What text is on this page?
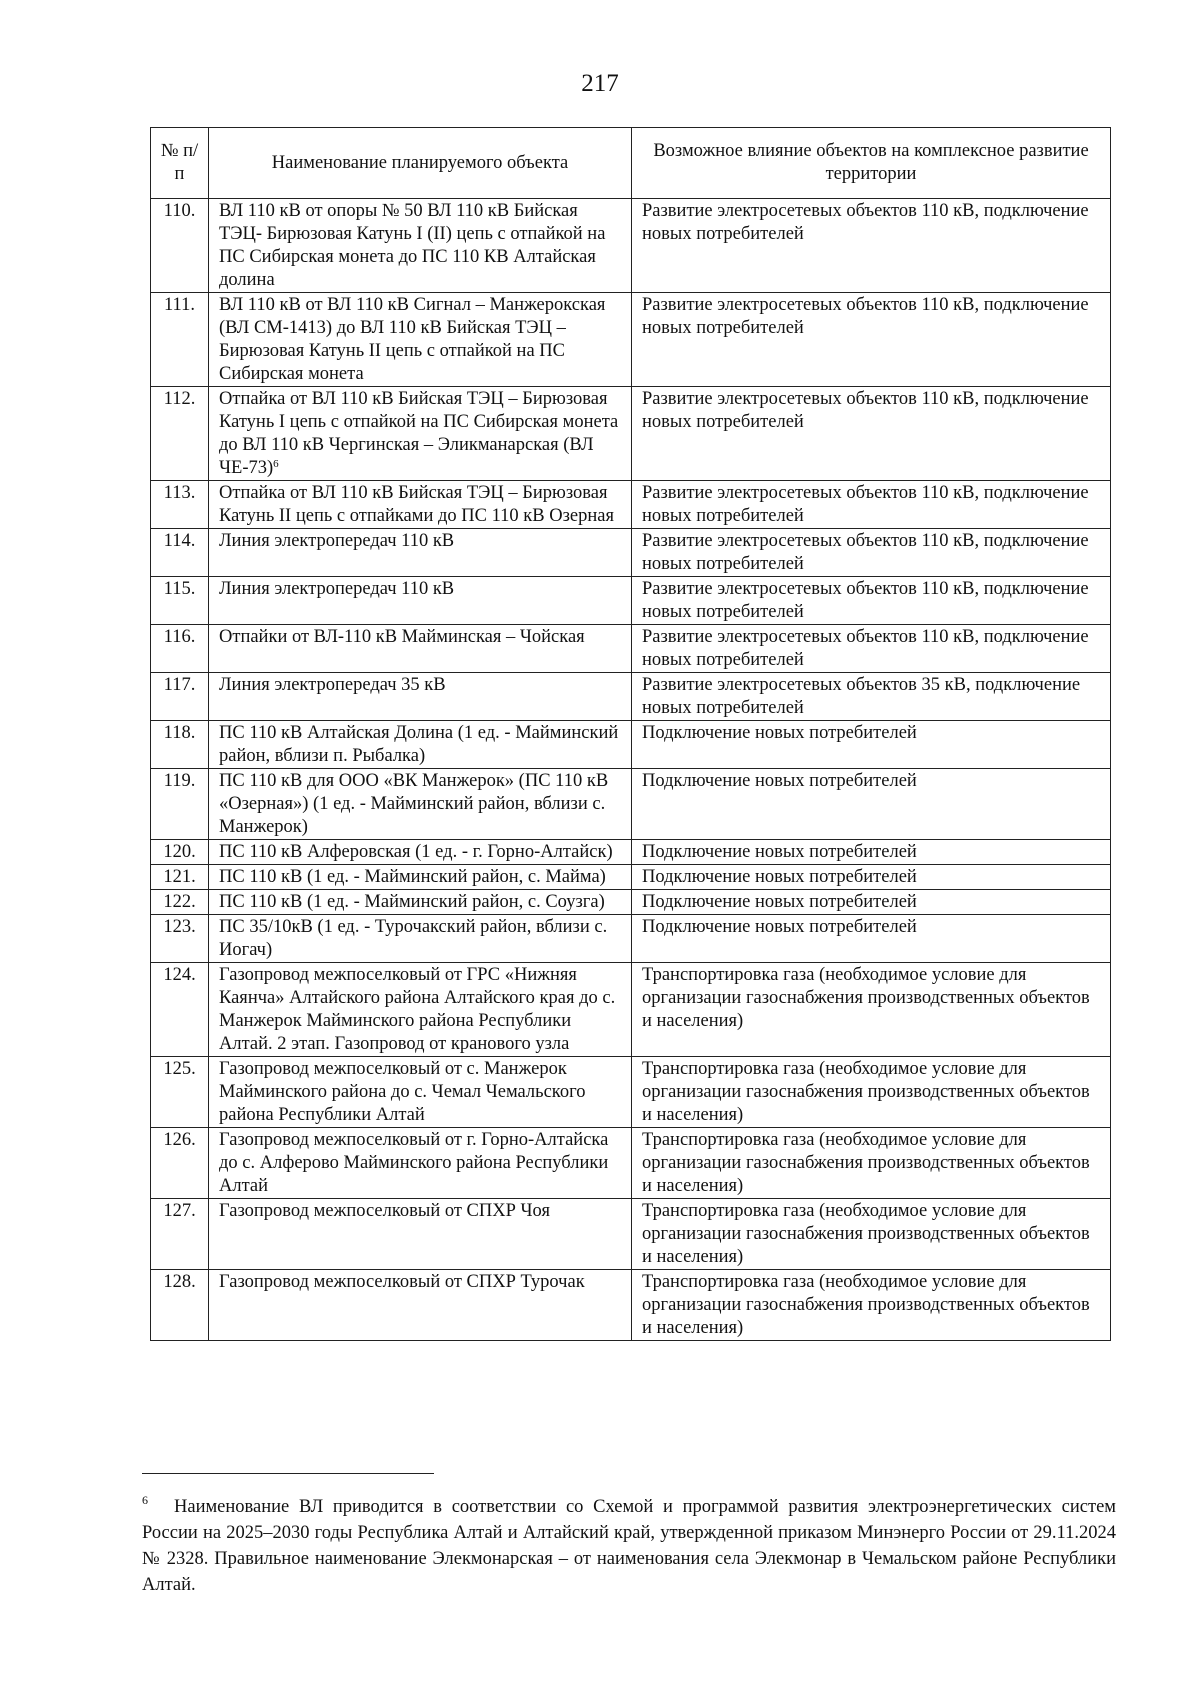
217
№ п/п	Наименование планируемого объекта	Возможное влияние объектов на комплексное развитие территории
110.	ВЛ 110 кВ от опоры № 50 ВЛ 110 кВ Бийская ТЭЦ- Бирюзовая Катунь I (II) цепь с отпайкой на ПС Сибирская монета до ПС 110 КВ Алтайская долина	Развитие электросетевых объектов 110 кВ, подключение новых потребителей
111.	ВЛ 110 кВ от ВЛ 110 кВ Сигнал – Манжерокская (ВЛ СМ-1413) до ВЛ 110 кВ Бийская ТЭЦ – Бирюзовая Катунь II цепь с отпайкой на ПС Сибирская монета	Развитие электросетевых объектов 110 кВ, подключение новых потребителей
112.	Отпайка от ВЛ 110 кВ Бийская ТЭЦ – Бирюзовая Катунь I цепь с отпайкой на ПС Сибирская монета до ВЛ 110 кВ Чергинская – Эликманарская (ВЛ ЧЕ-73)$^6$	Развитие электросетевых объектов 110 кВ, подключение новых потребителей
113.	Отпайка от ВЛ 110 кВ Бийская ТЭЦ – Бирюзовая Катунь II цепь с отпайками до ПС 110 кВ Озерная	Развитие электросетевых объектов 110 кВ, подключение новых потребителей
114.	Линия электропередач 110 кВ	Развитие электросетевых объектов 110 кВ, подключение новых потребителей
115.	Линия электропередач 110 кВ	Развитие электросетевых объектов 110 кВ, подключение новых потребителей
116.	Отпайки от ВЛ-110 кВ Майминская – Чойская	Развитие электросетевых объектов 110 кВ, подключение новых потребителей
117.	Линия электропередач 35 кВ	Развитие электросетевых объектов 35 кВ, подключение новых потребителей
118.	ПС 110 кВ Алтайская Долина (1 ед. - Майминский район, вблизи п. Рыбалка)	Подключение новых потребителей
119.	ПС 110 кВ для ООО «ВК Манжерок» (ПС 110 кВ «Озерная») (1 ед. - Майминский район, вблизи с. Манжерок)	Подключение новых потребителей
120.	ПС 110 кВ Алферовская (1 ед. - г. Горно-Алтайск)	Подключение новых потребителей
121.	ПС 110 кВ (1 ед. - Майминский район, с. Майма)	Подключение новых потребителей
122.	ПС 110 кВ (1 ед. - Майминский район, с. Соузга)	Подключение новых потребителей
123.	ПС 35/10кВ (1 ед. - Турочакский район, вблизи с. Иогач)	Подключение новых потребителей
124.	Газопровод межпоселковый от ГРС «Нижняя Каянча» Алтайского района Алтайского края до с. Манжерок Майминского района Республики Алтай. 2 этап. Газопровод от кранового узла	Транспортировка газа (необходимое условие для организации газоснабжения производственных объектов и населения)
125.	Газопровод межпоселковый от с. Манжерок Майминского района до с. Чемал Чемальского района Республики Алтай	Транспортировка газа (необходимое условие для организации газоснабжения производственных объектов и населения)
126.	Газопровод межпоселковый от г. Горно-Алтайска до с. Алферово Майминского района Республики Алтай	Транспортировка газа (необходимое условие для организации газоснабжения производственных объектов и населения)
127.	Газопровод межпоселковый от СПХР Чоя	Транспортировка газа (необходимое условие для организации газоснабжения производственных объектов и населения)
128.	Газопровод межпоселковый от СПХР Турочак	Транспортировка газа (необходимое условие для организации газоснабжения производственных объектов и населения)
$^6$ Наименование ВЛ приводится в соответствии со Схемой и программой развития электроэнергетических систем России на 2025–2030 годы Республика Алтай и Алтайский край, утвержденной приказом Минэнерго России от 29.11.2024 № 2328. Правильное наименование Элекмонарская – от наименования села Элекмонар в Чемальском районе Республики Алтай.
